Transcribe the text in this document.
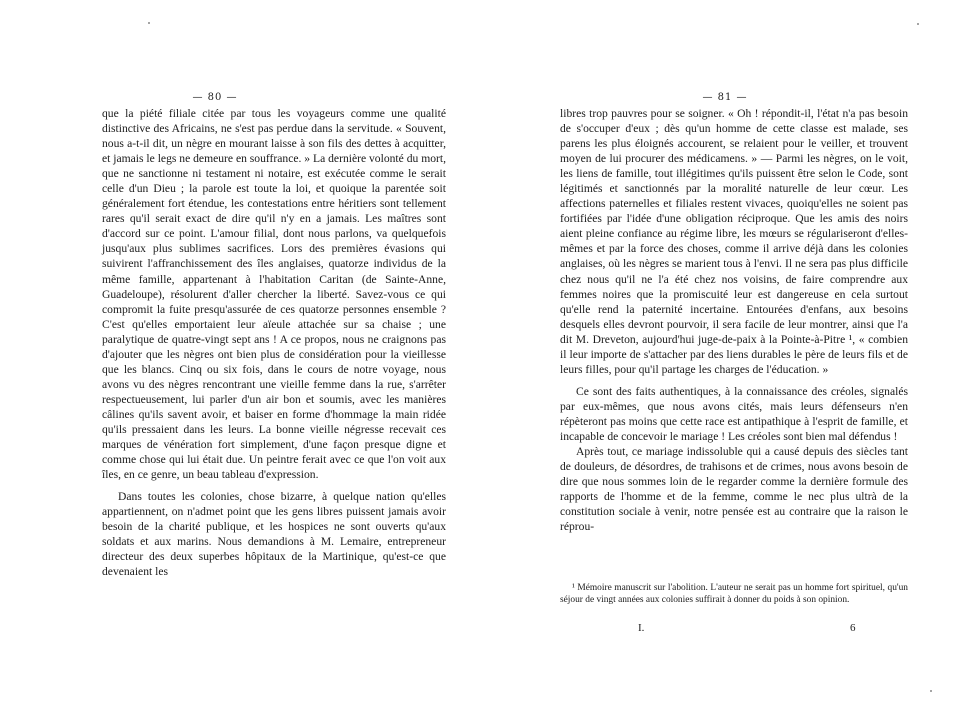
— 80 —

que la piété filiale citée par tous les voyageurs comme une qualité distinctive des Africains, ne s'est pas perdue dans la servitude. « Souvent, nous a-t-il dit, un nègre en mourant laisse à son fils des dettes à acquitter, et jamais le legs ne demeure en souffrance. » La dernière volonté du mort, que ne sanctionne ni testament ni notaire, est exécutée comme le serait celle d'un Dieu ; la parole est toute la loi, et quoique la parentée soit généralement fort étendue, les contestations entre héritiers sont tellement rares qu'il serait exact de dire qu'il n'y en a jamais. Les maîtres sont d'accord sur ce point. L'amour filial, dont nous parlons, va quelquefois jusqu'aux plus sublimes sacrifices. Lors des premières évasions qui suivirent l'affranchissement des îles anglaises, quatorze individus de la même famille, appartenant à l'habitation Caritan (de Sainte-Anne, Guadeloupe), résolurent d'aller chercher la liberté. Savez-vous ce qui compromit la fuite presqu'assurée de ces quatorze personnes ensemble ? C'est qu'elles emportaient leur aïeule attachée sur sa chaise ; une paralytique de quatre-vingt sept ans ! A ce propos, nous ne craignons pas d'ajouter que les nègres ont bien plus de considération pour la vieillesse que les blancs. Cinq ou six fois, dans le cours de notre voyage, nous avons vu des nègres rencontrant une vieille femme dans la rue, s'arrêter respectueusement, lui parler d'un air bon et soumis, avec les manières câlines qu'ils savent avoir, et baiser en forme d'hommage la main ridée qu'ils pressaient dans les leurs. La bonne vieille négresse recevait ces marques de vénération fort simplement, d'une façon presque digne et comme chose qui lui était due. Un peintre ferait avec ce que l'on voit aux îles, en ce genre, un beau tableau d'expression.

Dans toutes les colonies, chose bizarre, à quelque nation qu'elles appartiennent, on n'admet point que les gens libres puissent jamais avoir besoin de la charité publique, et les hospices ne sont ouverts qu'aux soldats et aux marins. Nous demandions à M. Lemaire, entrepreneur directeur des deux superbes hôpitaux de la Martinique, qu'est-ce que devenaient les

— 81 —

libres trop pauvres pour se soigner. « Oh ! répondit-il, l'état n'a pas besoin de s'occuper d'eux ; dès qu'un homme de cette classe est malade, ses parens les plus éloignés accourent, se relaient pour le veiller, et trouvent moyen de lui procurer des médicamens. » — Parmi les nègres, on le voit, les liens de famille, tout illégitimes qu'ils puissent être selon le Code, sont légitimés et sanctionnés par la moralité naturelle de leur cœur. Les affections paternelles et filiales restent vivaces, quoiqu'elles ne soient pas fortifiées par l'idée d'une obligation réciproque. Que les amis des noirs aient pleine confiance au régime libre, les mœurs se régulariseront d'elles-mêmes et par la force des choses, comme il arrive déjà dans les colonies anglaises, où les nègres se marient tous à l'envi. Il ne sera pas plus difficile chez nous qu'il ne l'a été chez nos voisins, de faire comprendre aux femmes noires que la promiscuité leur est dangereuse en cela surtout qu'elle rend la paternité incertaine. Entourées d'enfans, aux besoins desquels elles devront pourvoir, il sera facile de leur montrer, ainsi que l'a dit M. Dreveton, aujourd'hui juge-de-paix à la Pointe-à-Pitre ¹, « combien il leur importe de s'attacher par des liens durables le père de leurs fils et de leurs filles, pour qu'il partage les charges de l'éducation. »

Ce sont des faits authentiques, à la connaissance des créoles, signalés par eux-mêmes, que nous avons cités, mais leurs défenseurs n'en répèteront pas moins que cette race est antipathique à l'esprit de famille, et incapable de concevoir le mariage ! Les créoles sont bien mal défendus !

Après tout, ce mariage indissoluble qui a causé depuis des siècles tant de douleurs, de désordres, de trahisons et de crimes, nous avons besoin de dire que nous sommes loin de le regarder comme la dernière formule des rapports de l'homme et de la femme, comme le nec plus ultrà de la constitution sociale à venir, notre pensée est au contraire que la raison le réprou-

¹ Mémoire manuscrit sur l'abolition. L'auteur ne serait pas un homme fort spirituel, qu'un séjour de vingt années aux colonies suffirait à donner du poids à son opinion.
I.	6
